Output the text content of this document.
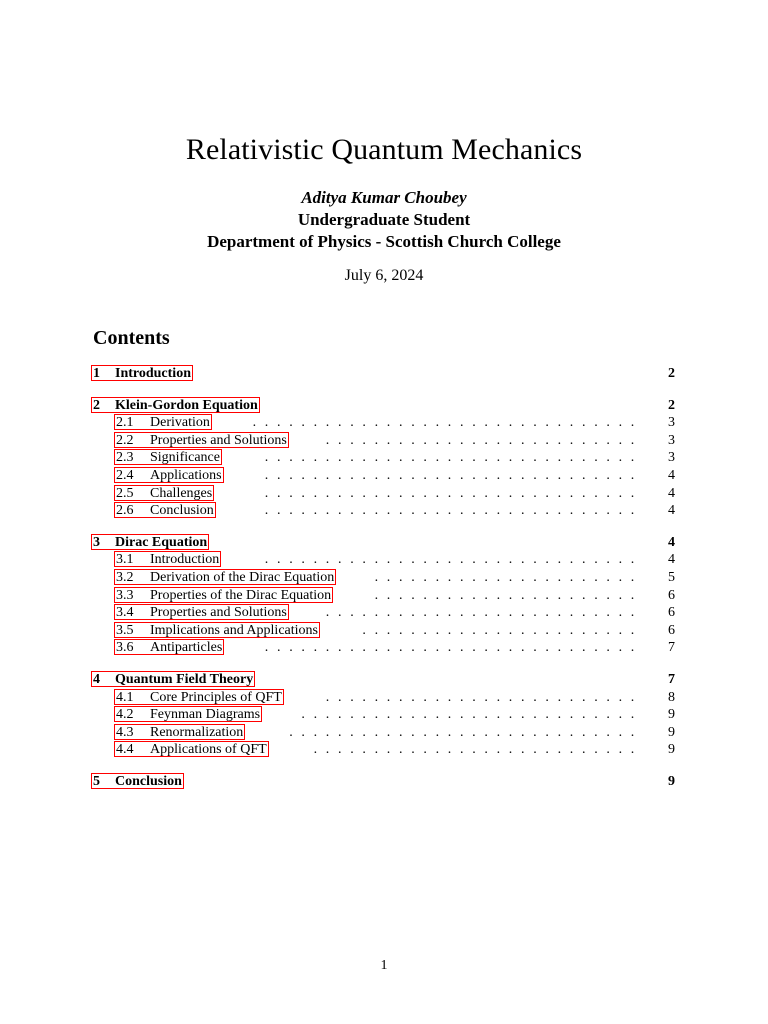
Relativistic Quantum Mechanics
Aditya Kumar Choubey
Undergraduate Student
Department of Physics - Scottish Church College
July 6, 2024
Contents
1 Introduction	2
2 Klein-Gordon Equation	2
2.1 Derivation	................................ 3
2.2 Properties and Solutions	.......................... 3
2.3 Significance	............................... 3
2.4 Applications	............................... 4
2.5 Challenges	............................... 4
2.6 Conclusion	............................... 4
3 Dirac Equation	4
3.1 Introduction	............................... 4
3.2 Derivation of the Dirac Equation	...................... 5
3.3 Properties of the Dirac Equation	...................... 6
3.4 Properties and Solutions	.......................... 6
3.5 Implications and Applications	....................... 6
3.6 Antiparticles	............................... 7
4 Quantum Field Theory	7
4.1 Core Principles of QFT	.......................... 8
4.2 Feynman Diagrams	............................ 9
4.3 Renormalization	............................. 9
4.4 Applications of QFT	........................... 9
5 Conclusion	9
1
